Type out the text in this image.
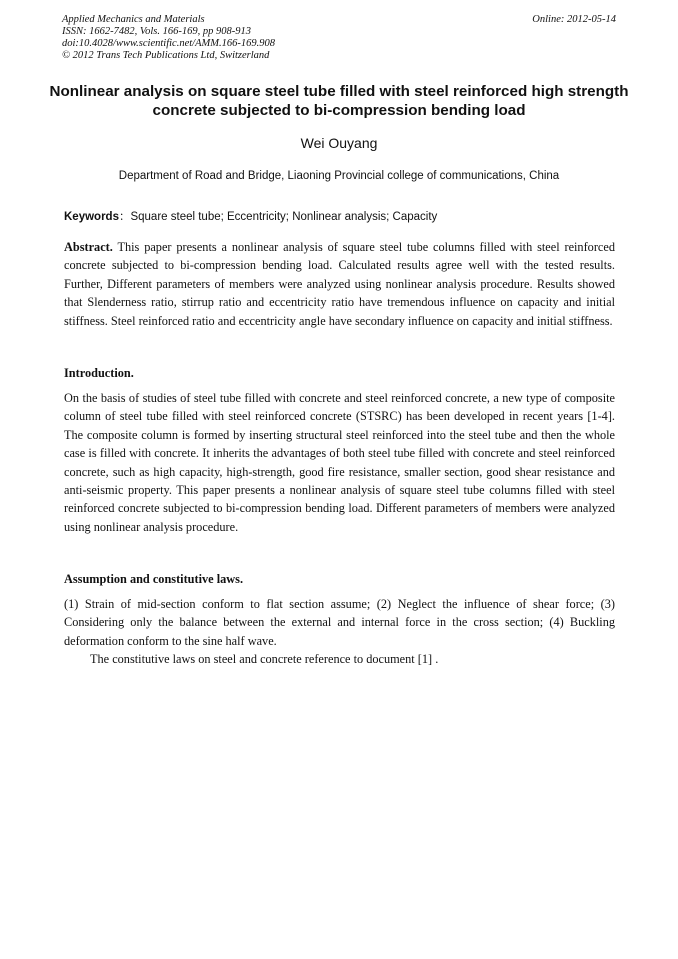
Applied Mechanics and Materials
ISSN: 1662-7482, Vols. 166-169, pp 908-913
doi:10.4028/www.scientific.net/AMM.166-169.908
© 2012 Trans Tech Publications Ltd, Switzerland
Online: 2012-05-14
Nonlinear analysis on square steel tube filled with steel reinforced high strength concrete subjected to bi-compression bending load
Wei Ouyang
Department of Road and Bridge, Liaoning Provincial college of communications, China
Keywords：Square steel tube; Eccentricity; Nonlinear analysis; Capacity
Abstract. This paper presents a nonlinear analysis of square steel tube columns filled with steel reinforced concrete subjected to bi-compression bending load. Calculated results agree well with the tested results. Further, Different parameters of members were analyzed using nonlinear analysis procedure. Results showed that Slenderness ratio, stirrup ratio and eccentricity ratio have tremendous influence on capacity and initial stiffness. Steel reinforced ratio and eccentricity angle have secondary influence on capacity and initial stiffness.
Introduction.
On the basis of studies of steel tube filled with concrete and steel reinforced concrete, a new type of composite column of steel tube filled with steel reinforced concrete (STSRC) has been developed in recent years [1-4]. The composite column is formed by inserting structural steel reinforced into the steel tube and then the whole case is filled with concrete. It inherits the advantages of both steel tube filled with concrete and steel reinforced concrete, such as high capacity, high-strength, good fire resistance, smaller section, good shear resistance and anti-seismic property. This paper presents a nonlinear analysis of square steel tube columns filled with steel reinforced concrete subjected to bi-compression bending load. Different parameters of members were analyzed using nonlinear analysis procedure.
Assumption and constitutive laws.

(1) Strain of mid-section conform to flat section assume; (2) Neglect the influence of shear force; (3) Considering only the balance between the external and internal force in the cross section; (4) Buckling deformation conform to the sine half wave.

The constitutive laws on steel and concrete reference to document [1] .
